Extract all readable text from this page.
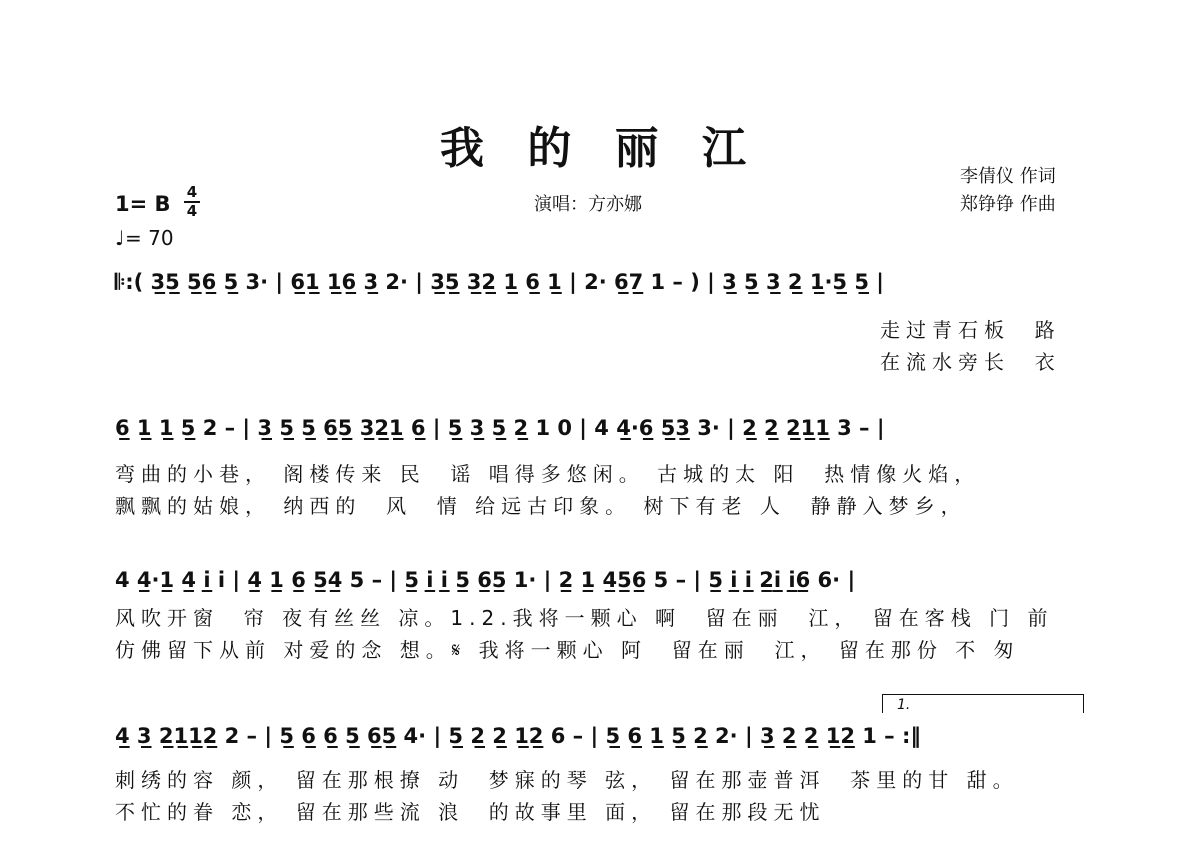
我 的 丽 江
演唱：方亦娜
李倩仪 作词
郑铮铮 作曲
1= B 4
4
♩= 70
𝄆:( 3̲5̲ 5̲6̲ 5̲ 3· | 6̲1̲ 1̲6̲ 3̲ 2· | 3̲5̲ 3̲2̲ 1̲ 6̲ 1̲ | 2· 6̲7̲ 1 – ) | 3̲ 5̲ 3̲ 2̲ 1̲·5̲ 5̲ |
走过青石板  路
在流水旁长  衣
6̲ 1̲ 1̲ 5̲ 2 – | 3̲ 5̲ 5̲ 6̲5̲ 3̲2̲1̲ 6̲ | 5̲ 3̲ 5̲ 2̲ 1 0 | 4 4̲·6̲ 5̲3̲ 3· | 2̲ 2̲ 2̲1̲1̲ 3 – |
弯曲的小巷， 阁楼传来 民  谣 唱得多悠闲。 古城的太 阳  热情像火焰，
飘飘的姑娘， 纳西的  风  情 给远古印象。 树下有老 人  静静入梦乡，
4 4̲·1̲ 4̲ i̲ i | 4̲ 1̲ 6̲ 5̲4̲ 5 – | 5̲ i̲ i̲ 5̲ 6̲5̲ 1· | 2̲ 1̲ 4̲5̲6̲ 5 – | 5̲ i̲ i̲ 2̲i̲ i̲6̲ 6· |
风吹开窗  帘 夜有丝丝 凉。1.2.我将一颗心 啊  留在丽  江， 留在客栈 门 前
仿佛留下从前 对爱的念 想。𝄋 我将一颗心 阿  留在丽  江， 留在那份 不 匆
1.
4̲ 3̲ 2̲1̲1̲2̲ 2 – | 5̲ 6̲ 6̲ 5̲ 6̲5̲ 4· | 5̲ 2̲ 2̲ 1̲2̲ 6 – | 5̲ 6̲ 1̲ 5̲ 2̲ 2· | 3̲ 2̲ 2̲ 1̲2̲ 1 – :‖
刺绣的容 颜， 留在那根撩 动  梦寐的琴 弦， 留在那壶普洱  茶里的甘 甜。
不忙的眷 恋， 留在那些流 浪  的故事里 面， 留在那段无忧
